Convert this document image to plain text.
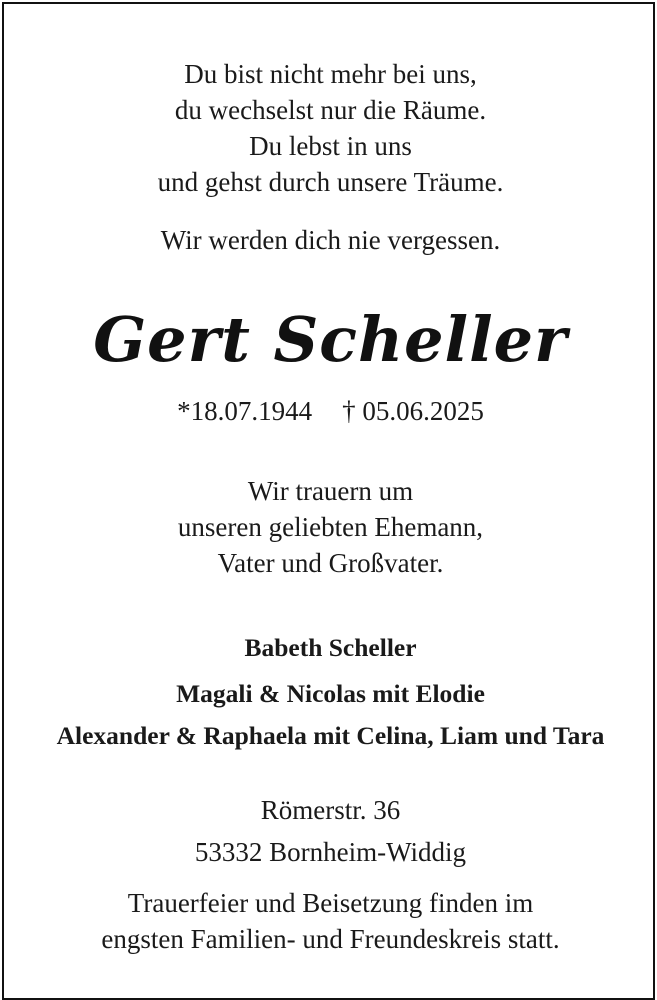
Du bist nicht mehr bei uns,
du wechselst nur die Räume.
Du lebst in uns
und gehst durch unsere Träume.
Wir werden dich nie vergessen.
Gert Scheller
*18.07.1944 † 05.06.2025
Wir trauern um
unseren geliebten Ehemann,
Vater und Großvater.
Babeth Scheller
Magali & Nicolas mit Elodie
Alexander & Raphaela mit Celina, Liam und Tara
Römerstr. 36
53332 Bornheim-Widdig
Trauerfeier und Beisetzung finden im
engsten Familien- und Freundeskreis statt.
